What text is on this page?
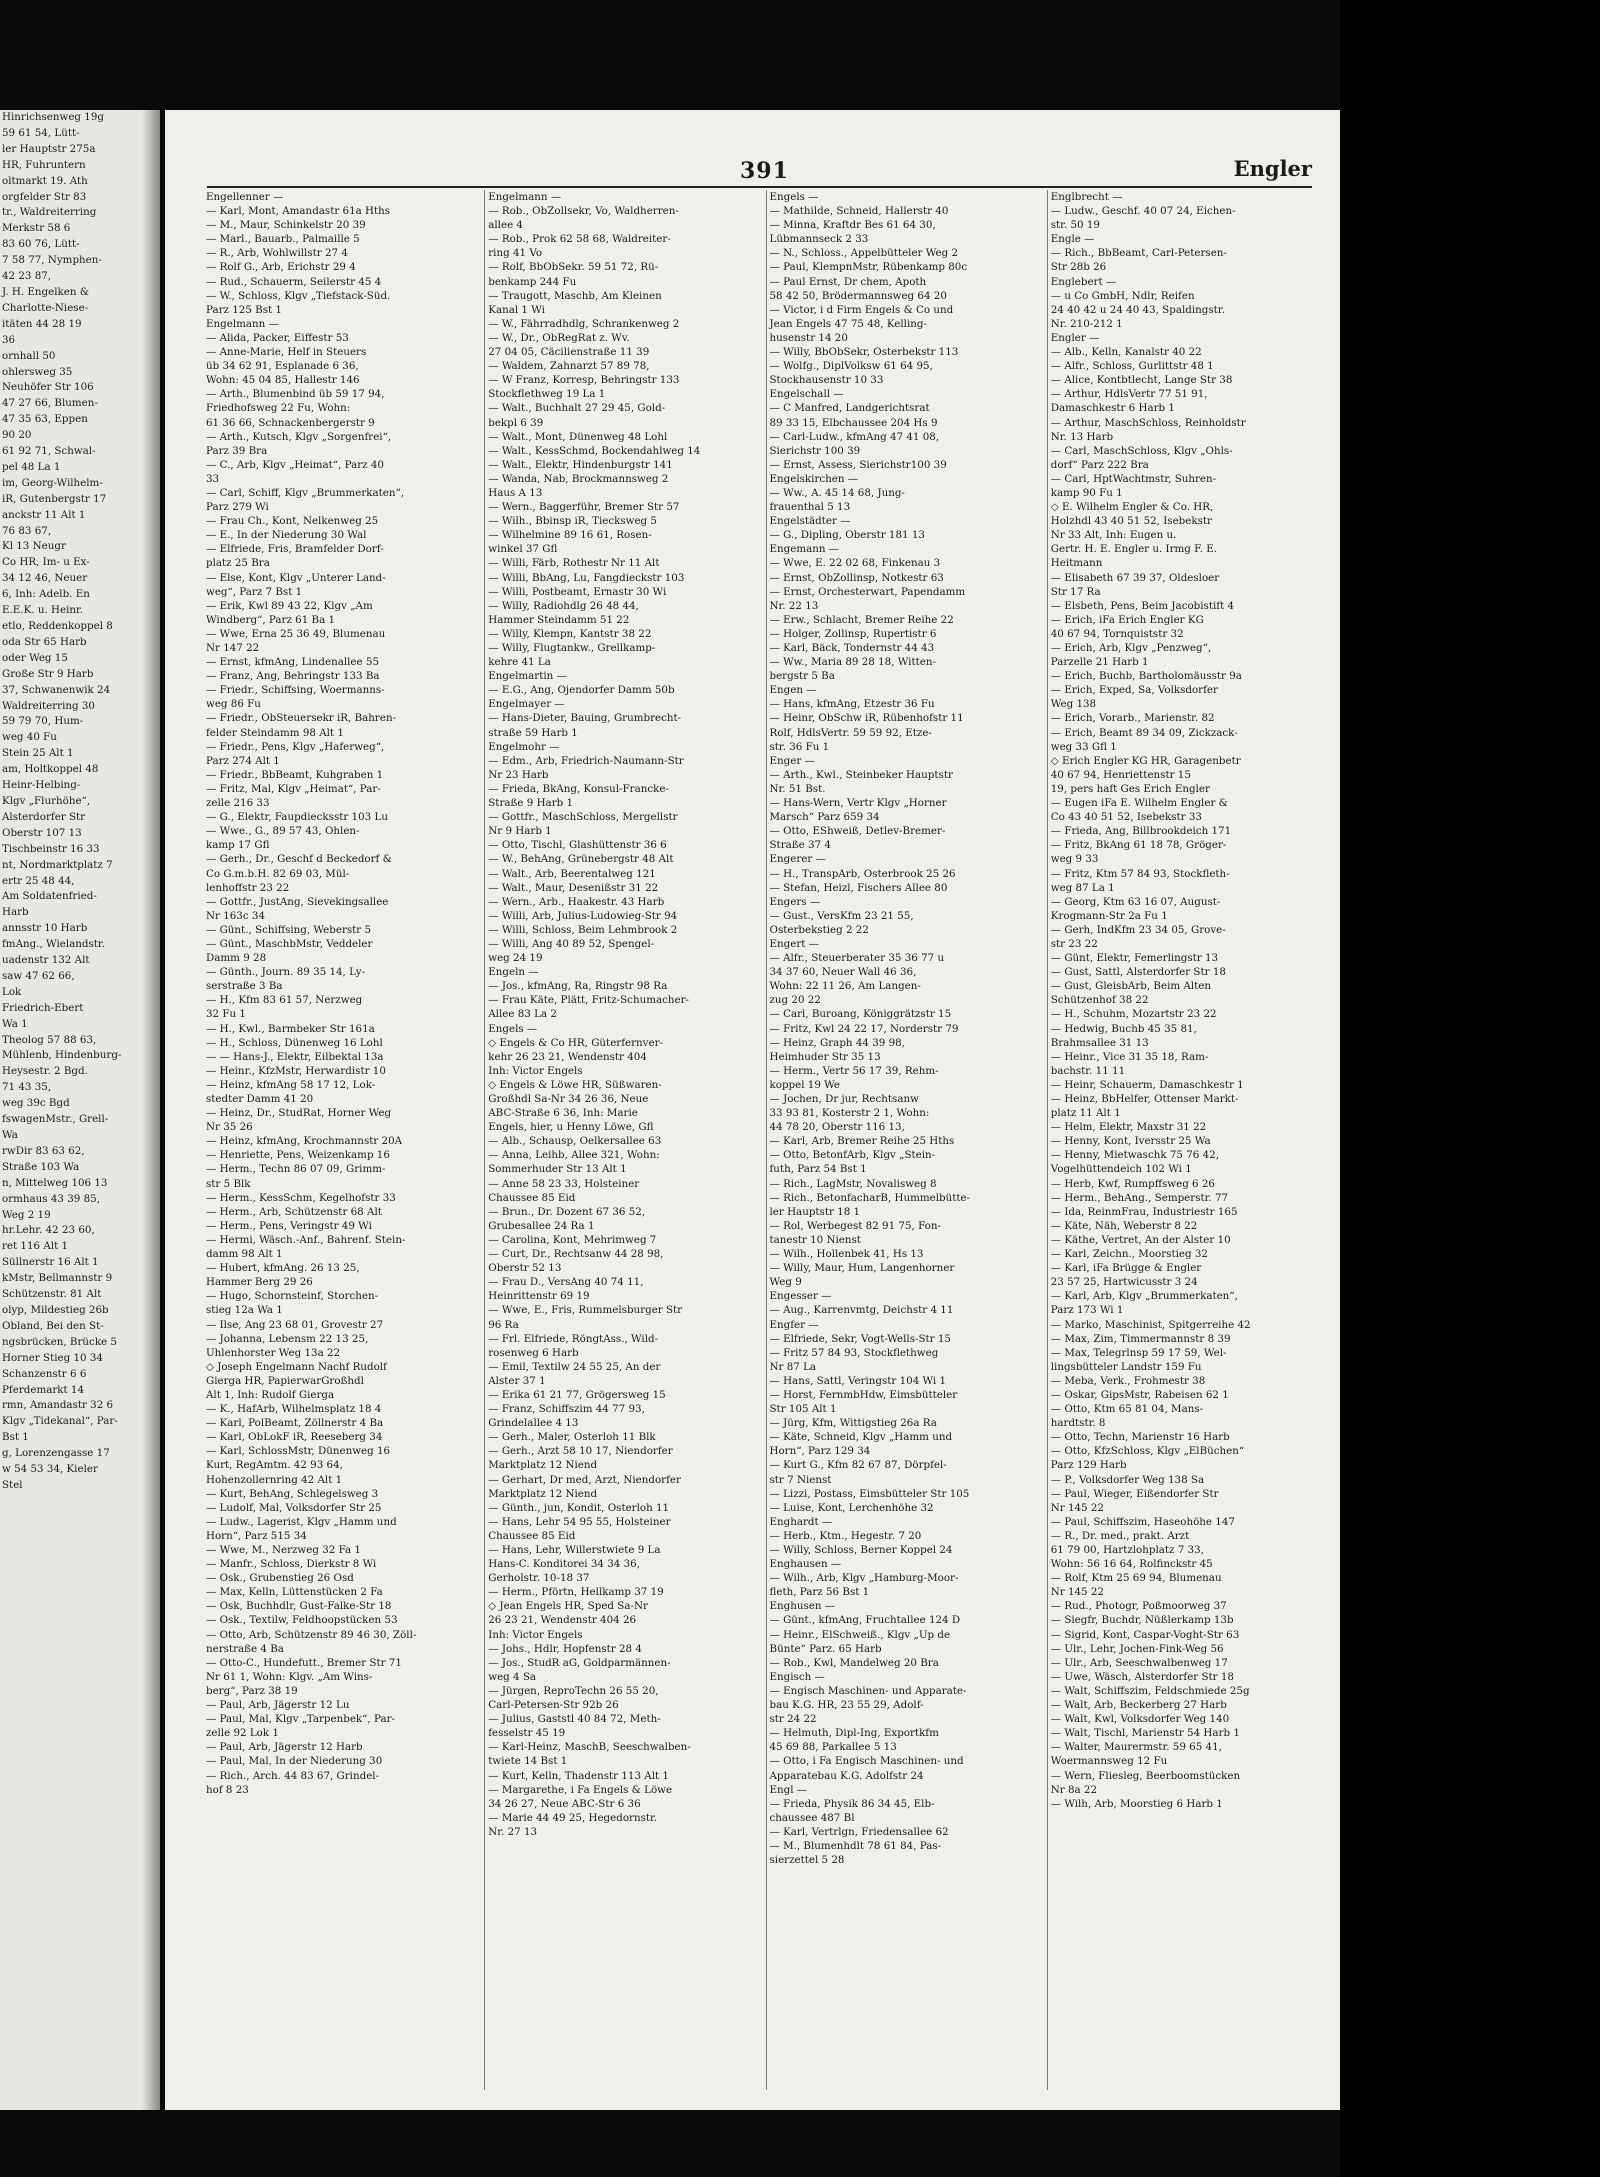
Hinrichsenweg 19g
59 61 54, Lütt-
ler Hauptstr 275a
HR, Fuhruntern
oltmarkt 19. Ath
orgfelder Str 83
tr., Waldreiterring
Merkstr 58 6
83 60 76, Lütt-
7 58 77, Nymphen-
42 23 87,
J. H. Engelken &
Charlotte-Niese-
itäten 44 28 19
36
ornhall 50
ohlersweg 35
Neuhöfer Str 106
47 27 66, Blumen-
47 35 63, Eppen
90 20
61 92 71, Schwal-
pel 48 La 1
im, Georg-Wilhelm-
iR, Gutenbergstr 17
anckstr 11 Alt 1
76 83 67,
Kl 13 Neugr
Co HR, Im- u Ex-
34 12 46, Neuer
6, Inh: Adelb. En
E.E.K. u. Heinr.
etlo, Reddenkoppel 8
oda Str 65 Harb
oder Weg 15
Große Str 9 Harb
37, Schwanenwik 24
Waldreiterring 30
59 79 70, Hum-
weg 40 Fu
Stein 25 Alt 1
am, Holtkoppel 48
Heinr-Helbing-
Klgv „Flurhöhe“,
Alsterdorfer Str
Oberstr 107 13
Tischbeinstr 16 33
nt, Nordmarktplatz 7
ertr 25 48 44,
Am Soldatenfried-
Harb
annsstr 10 Harb
fmAng., Wielandstr.
uadenstr 132 Alt
saw 47 62 66,
Lok
Friedrich-Ebert
Wa 1
Theolog 57 88 63,
Mühlenb, Hindenburg-
Heysestr. 2 Bgd.
71 43 35,
weg 39c Bgd
fswagenMstr., Grell-
Wa
rwDir 83 63 62,
Straße 103 Wa
n, Mittelweg 106 13
ormhaus 43 39 85,
Weg 2 19
hr.Lehr. 42 23 60,
ret 116 Alt 1
Süllnerstr 16 Alt 1
kMstr, Bellmannstr 9
Schützenstr. 81 Alt
olyp, Mildestieg 26b
Obland, Bei den St-
ngsbrücken, Brücke 5
Horner Stieg 10 34
Schanzenstr 6 6
Pferdemarkt 14
rmn, Amandastr 32 6
Klgv „Tidekanal“, Par-
Bst 1
g, Lorenzengasse 17
w 54 53 34, Kieler
Stel
391	Engler
Engellenner —
— Karl, Mont, Amandastr 61a Hths
— M., Maur, Schinkelstr 20 39
— Marl., Bauarb., Palmaille 5
— R., Arb, Wohlwillstr 27 4
— Rolf G., Arb, Erichstr 29 4
— Rud., Schauerm, Seilerstr 45 4
— W., Schloss, Klgv „Tiefstack-Süd.
Parz 125 Bst 1
Engelmann —
— Alida, Packer, Eiffestr 53
— Anne-Marie, Helf in Steuers
üb 34 62 91, Esplanade 6 36,
Wohn: 45 04 85, Hallestr 146
— Arth., Blumenbind üb 59 17 94,
Friedhofsweg 22 Fu, Wohn:
61 36 66, Schnackenbergerstr 9
— Arth., Kutsch, Klgv „Sorgenfrei“,
Parz 39 Bra
— C., Arb, Klgv „Heimat“, Parz 40
33
— Carl, Schiff, Klgv „Brummerkaten“,
Parz 279 Wi
— Frau Ch., Kont, Nelkenweg 25
— E., In der Niederung 30 Wal
— Elfriede, Fris, Bramfelder Dorf-
platz 25 Bra
— Else, Kont, Klgv „Unterer Land-
weg“, Parz 7 Bst 1
— Erik, Kwl 89 43 22, Klgv „Am
Windberg“, Parz 61 Ba 1
— Wwe, Erna 25 36 49, Blumenau
Nr 147 22
— Ernst, kfmAng, Lindenallee 55
— Franz, Ang, Behringstr 133 Ba
— Friedr., Schiffsing, Woermanns-
weg 86 Fu
— Friedr., ObSteuersekr iR, Bahren-
felder Steindamm 98 Alt 1
— Friedr., Pens, Klgv „Haferweg“,
Parz 274 Alt 1
— Friedr., BbBeamt, Kuhgraben 1
— Fritz, Mal, Klgv „Heimat“, Par-
zelle 216 33
— G., Elektr, Faupdiecksstr 103 Lu
— Wwe., G., 89 57 43, Ohlen-
kamp 17 Gfl
— Gerh., Dr., Geschf d Beckedorf &
Co G.m.b.H. 82 69 03, Mül-
lenhoffstr 23 22
— Gottfr., JustAng, Sievekingsallee
Nr 163c 34
— Günt., Schiffsing, Weberstr 5
— Günt., MaschbMstr, Veddeler
Damm 9 28
— Günth., Journ. 89 35 14, Ly-
serstraße 3 Ba
— H., Kfm 83 61 57, Nerzweg
32 Fu 1
— H., Kwl., Barmbeker Str 161a
— H., Schloss, Dünenweg 16 Lohl
— — Hans-J., Elektr, Eilbektal 13a
— Heinr., KfzMstr, Herwardistr 10
— Heinz, kfmAng 58 17 12, Lok-
stedter Damm 41 20
— Heinz, Dr., StudRat, Horner Weg
Nr 35 26
— Heinz, kfmAng, Krochmannstr 20A
— Henriette, Pens, Weizenkamp 16
— Herm., Techn 86 07 09, Grimm-
str 5 Blk
— Herm., KessSchm, Kegelhofstr 33
— Herm., Arb, Schützenstr 68 Alt
— Herm., Pens, Veringstr 49 Wi
— Hermi, Wäsch.-Anf., Bahrenf. Stein-
damm 98 Alt 1
— Hubert, kfmAng. 26 13 25,
Hammer Berg 29 26
— Hugo, Schornsteinf, Storchen-
stieg 12a Wa 1
— Ilse, Ang 23 68 01, Grovestr 27
— Johanna, Lebensm 22 13 25,
Uhlenhorster Weg 13a 22
◇ Joseph Engelmann Nachf Rudolf
Gierga HR, PapierwarGroßhdl
Alt 1, Inh: Rudolf Gierga
— K., HafArb, Wilhelmsplatz 18 4
— Karl, PolBeamt, Zöllnerstr 4 Ba
— Karl, ObLokF iR, Reeseberg 34
— Karl, SchlossMstr, Dünenweg 16
Kurt, RegAmtm. 42 93 64,
Hohenzollernring 42 Alt 1
— Kurt, BehAng, Schlegelsweg 3
— Ludolf, Mal, Volksdorfer Str 25
— Ludw., Lagerist, Klgv „Hamm und
Horn“, Parz 515 34
— Wwe, M., Nerzweg 32 Fa 1
— Manfr., Schloss, Dierkstr 8 Wi
— Osk., Grubenstieg 26 Osd
— Max, Kelln, Lüttenstücken 2 Fa
— Osk, Buchhdlr, Gust-Falke-Str 18
— Osk., Textilw, Feldhoopstücken 53
— Otto, Arb, Schützenstr 89 46 30, Zöll-
nerstraße 4 Ba
— Otto-C., Hundefutt., Bremer Str 71
Nr 61 1, Wohn: Klgv. „Am Wins-
berg“, Parz 38 19
— Paul, Arb, Jägerstr 12 Lu
— Paul, Mal, Klgv „Tarpenbek“, Par-
zelle 92 Lok 1
— Paul, Arb, Jägerstr 12 Harb
— Paul, Mal, In der Niederung 30
— Rich., Arch. 44 83 67, Grindel-
hof 8 23
Engelmann —
— Rob., ObZollsekr, Vo, Waldherren-
allee 4
— Rob., Prok 62 58 68, Waldreiter-
ring 41 Vo
— Rolf, BbObSekr. 59 51 72, Rü-
benkamp 244 Fu
— Traugott, Maschb, Am Kleinen
Kanal 1 Wi
— W., Fährradhdlg, Schrankenweg 2
— W., Dr., ObRegRat z. Wv.
27 04 05, Cäcilienstraße 11 39
— Waldem, Zahnarzt 57 89 78,
— W Franz, Korresp, Behringstr 133
Stockflethweg 19 La 1
— Walt., Buchhalt 27 29 45, Gold-
bekpl 6 39
— Walt., Mont, Dünenweg 48 Lohl
— Walt., KessSchmd, Bockendahlweg 14
— Walt., Elektr, Hindenburgstr 141
— Wanda, Nab, Brockmannsweg 2
Haus A 13
— Wern., Baggerführ, Bremer Str 57
— Wilh., Bbinsp iR, Tiecksweg 5
— Wilhelmine 89 16 61, Rosen-
winkel 37 Gfl
— Willi, Färb, Rothestr Nr 11 Alt
— Willi, BbAng, Lu, Fangdieckstr 103
— Willi, Postbeamt, Ernastr 30 Wi
— Willy, Radiohdlg 26 48 44,
Hammer Steindamm 51 22
— Willy, Klempn, Kantstr 38 22
— Willy, Flugtankw., Grellkamp-
kehre 41 La
Engelmartin —
— E.G., Ang, Ojendorfer Damm 50b
Engelmayer —
— Hans-Dieter, Bauing, Grumbrecht-
straße 59 Harb 1
Engelmohr —
— Edm., Arb, Friedrich-Naumann-Str
Nr 23 Harb
— Frieda, BkAng, Konsul-Francke-
Straße 9 Harb 1
— Gottfr., MaschSchloss, Mergellstr
Nr 9 Harb 1
— Otto, Tischl, Glashüttenstr 36 6
— W., BehAng, Grünebergstr 48 Alt
— Walt., Arb, Beerentalweg 121
— Walt., Maur, Desenißstr 31 22
— Wern., Arb., Haakestr. 43 Harb
— Willi, Arb, Julius-Ludowieg-Str 94
— Willi, Schloss, Beim Lehmbrook 2
— Willi, Ang 40 89 52, Spengel-
weg 24 19
Engeln —
— Jos., kfmAng, Ra, Ringstr 98 Ra
— Frau Käte, Plätt, Fritz-Schumacher-
Allee 83 La 2
Engels —
◇ Engels & Co HR, Güterfernver-
kehr 26 23 21, Wendenstr 404
Inh: Victor Engels
◇ Engels & Löwe HR, Süßwaren-
Großhdl Sa-Nr 34 26 36, Neue
ABC-Straße 6 36, Inh: Marie
Engels, hier, u Henny Löwe, Gfl
— Alb., Schausp, Oelkersallee 63
— Anna, Leihb, Allee 321, Wohn:
Sommerhuder Str 13 Alt 1
— Anne 58 23 33, Holsteiner
Chaussee 85 Eid
— Brun., Dr. Dozent 67 36 52,
Grubesallee 24 Ra 1
— Carolina, Kont, Mehrimweg 7
— Curt, Dr., Rechtsanw 44 28 98,
Oberstr 52 13
— Frau D., VersAng 40 74 11,
Heinrittenstr 69 19
— Wwe, E., Fris, Rummelsburger Str
96 Ra
— Frl. Elfriede, RöngtAss., Wild-
rosenweg 6 Harb
— Emil, Textilw 24 55 25, An der
Alster 37 1
— Erika 61 21 77, Grögersweg 15
— Franz, Schiffszim 44 77 93,
Grindelallee 4 13
— Gerh., Maler, Osterloh 11 Blk
— Gerh., Arzt 58 10 17, Niendorfer
Marktplatz 12 Niend
— Gerhart, Dr med, Arzt, Niendorfer
Marktplatz 12 Niend
— Günth., jun, Kondit, Osterloh 11
— Hans, Lehr 54 95 55, Holsteiner
Chaussee 85 Eid
— Hans, Lehr, Willerstwiete 9 La
Hans-C. Konditorei 34 34 36,
Gerholstr. 10-18 37
— Herm., Pförtn, Hellkamp 37 19
◇ Jean Engels HR, Sped Sa-Nr
26 23 21, Wendenstr 404 26
Inh: Victor Engels
— Johs., Hdlr, Hopfenstr 28 4
— Jos., StudR aG, Goldparmännen-
weg 4 Sa
— Jürgen, ReproTechn 26 55 20,
Carl-Petersen-Str 92b 26
— Julius, Gaststl 40 84 72, Meth-
fesselstr 45 19
— Karl-Heinz, MaschB, Seeschwalben-
twiete 14 Bst 1
— Kurt, Kelln, Thadenstr 113 Alt 1
— Margarethe, i Fa Engels & Löwe
34 26 27, Neue ABC-Str 6 36
— Marie 44 49 25, Hegedornstr.
Nr. 27 13
Engels —
— Mathilde, Schneid, Hallerstr 40
— Minna, Kraftdr Bes 61 64 30,
Lübmannseck 2 33
— N., Schloss., Appelbütteler Weg 2
— Paul, KlempnMstr, Rübenkamp 80c
— Paul Ernst, Dr chem, Apoth
58 42 50, Brödermannsweg 64 20
— Victor, i d Firm Engels & Co und
Jean Engels 47 75 48, Kelling-
husenstr 14 20
— Willy, BbObSekr, Osterbekstr 113
— Wolfg., DiplVolksw 61 64 95,
Stockhausenstr 10 33
Engelschall —
— C Manfred, Landgerichtsrat
89 33 15, Elbchaussee 204 Hs 9
— Carl-Ludw., kfmAng 47 41 08,
Sierichstr 100 39
— Ernst, Assess, Sierichstr100 39
Engelskirchen —
— Ww., A. 45 14 68, Jung-
frauenthal 5 13
Engelstädter —
— G., Dipling, Oberstr 181 13
Engemann —
— Wwe, E. 22 02 68, Finkenau 3
— Ernst, ObZollinsp, Notkestr 63
— Ernst, Orchesterwart, Papendamm
Nr. 22 13
— Erw., Schlacht, Bremer Reihe 22
— Holger, Zollinsp, Rupertistr 6
— Karl, Bäck, Tondernstr 44 43
— Ww., Maria 89 28 18, Witten-
bergstr 5 Ba
Engen —
— Hans, kfmAng, Etzestr 36 Fu
— Heinr, ObSchw iR, Rübenhofstr 11
Rolf, HdlsVertr. 59 59 92, Etze-
str. 36 Fu 1
Enger —
— Arth., Kwl., Steinbeker Hauptstr
Nr. 51 Bst.
— Hans-Wern, Vertr Klgv „Horner
Marsch“ Parz 659 34
— Otto, EShweiß, Detlev-Bremer-
Straße 37 4
Engerer —
— H., TranspArb, Osterbrook 25 26
— Stefan, Heizl, Fischers Allee 80
Engers —
— Gust., VersKfm 23 21 55,
Osterbekstieg 2 22
Engert —
— Alfr., Steuerberater 35 36 77 u
34 37 60, Neuer Wall 46 36,
Wohn: 22 11 26, Am Langen-
zug 20 22
— Carl, Buroang, Königgrätzstr 15
— Fritz, Kwl 24 22 17, Norderstr 79
— Heinz, Graph 44 39 98,
Heimhuder Str 35 13
— Herm., Vertr 56 17 39, Rehm-
koppel 19 We
— Jochen, Dr jur, Rechtsanw
33 93 81, Kosterstr 2 1, Wohn:
44 78 20, Oberstr 116 13,
— Karl, Arb, Bremer Reihe 25 Hths
— Otto, BetonfArb, Klgv „Stein-
futh, Parz 54 Bst 1
— Rich., LagMstr, Novalisweg 8
— Rich., BetonfacharB, Hummelbütte-
ler Hauptstr 18 1
— Rol, Werbegest 82 91 75, Fon-
tanestr 10 Nienst
— Wilh., Hollenbek 41, Hs 13
— Willy, Maur, Hum, Langenhorner
Weg 9
Engesser —
— Aug., Karrenvmtg, Deichstr 4 11
Engfer —
— Elfriede, Sekr, Vogt-Wells-Str 15
— Fritz 57 84 93, Stockflethweg
Nr 87 La
— Hans, Sattl, Veringstr 104 Wi 1
— Horst, FernmbHdw, Eimsbütteler
Str 105 Alt 1
— Jürg, Kfm, Wittigstieg 26a Ra
— Käte, Schneid, Klgv „Hamm und
Horn“, Parz 129 34
— Kurt G., Kfm 82 67 87, Dörpfel-
str 7 Nienst
— Lizzi, Postass, Eimsbütteler Str 105
— Luise, Kont, Lerchenhöhe 32
Enghardt —
— Herb., Ktm., Hegestr. 7 20
— Willy, Schloss, Berner Koppel 24
Enghausen —
— Wilh., Arb, Klgv „Hamburg-Moor-
fleth, Parz 56 Bst 1
Enghusen —
— Günt., kfmAng, Fruchtallee 124 D
— Heinr., ElSchweiß., Klgv „Up de
Bünte“ Parz. 65 Harb
— Rob., Kwl, Mandelweg 20 Bra
Engisch —
— Engisch Maschinen- und Apparate-
bau K.G. HR, 23 55 29, Adolf-
str 24 22
— Helmuth, Dipl-Ing, Exportkfm
45 69 88, Parkallee 5 13
— Otto, i Fa Engisch Maschinen- und
Apparatebau K.G. Adolfstr 24
Engl —
— Frieda, Physik 86 34 45, Elb-
chaussee 487 Bl
— Karl, Vertrlgn, Friedensallee 62
— M., Blumenhdlt 78 61 84, Pas-
sierzettel 5 28
Englbrecht —
— Ludw., Geschf. 40 07 24, Eichen-
str. 50 19
Engle —
— Rich., BbBeamt, Carl-Petersen-
Str 28b 26
Englebert —
— u Co GmbH, Ndlr, Reifen
24 40 42 u 24 40 43, Spaldingstr.
Nr. 210-212 1
Engler —
— Alb., Kelln, Kanalstr 40 22
— Alfr., Schloss, Gurlittstr 48 1
— Alice, Kontbtlecht, Lange Str 38
— Arthur, HdlsVertr 77 51 91,
Damaschkestr 6 Harb 1
— Arthur, MaschSchloss, Reinholdstr
Nr. 13 Harb
— Carl, MaschSchloss, Klgv „Ohls-
dorf“ Parz 222 Bra
— Carl, HptWachtmstr, Suhren-
kamp 90 Fu 1
◇ E. Wilhelm Engler & Co. HR,
Holzhdl 43 40 51 52, Isebekstr
Nr 33 Alt, Inh: Eugen u.
Gertr. H. E. Engler u. Irmg F. E.
Heitmann
— Elisabeth 67 39 37, Oldesloer
Str 17 Ra
— Elsbeth, Pens, Beim Jacobistift 4
— Erich, iFa Erich Engler KG
40 67 94, Tornquiststr 32
— Erich, Arb, Klgv „Penzweg“,
Parzelle 21 Harb 1
— Erich, Buchb, Bartholomäusstr 9a
— Erich, Exped, Sa, Volksdorfer
Weg 138
— Erich, Vorarb., Marienstr. 82
— Erich, Beamt 89 34 09, Zickzack-
weg 33 Gfl 1
◇ Erich Engler KG HR, Garagenbetr
40 67 94, Henriettenstr 15
19, pers haft Ges Erich Engler
— Eugen iFa E. Wilhelm Engler &
Co 43 40 51 52, Isebekstr 33
— Frieda, Ang, Billbrookdeich 171
— Fritz, BkAng 61 18 78, Gröger-
weg 9 33
— Fritz, Ktm 57 84 93, Stockfleth-
weg 87 La 1
— Georg, Ktm 63 16 07, August-
Krogmann-Str 2a Fu 1
— Gerh, IndKfm 23 34 05, Grove-
str 23 22
— Günt, Elektr, Femerlingstr 13
— Gust, Sattl, Alsterdorfer Str 18
— Gust, GleisbArb, Beim Alten
Schützenhof 38 22
— H., Schuhm, Mozartstr 23 22
— Hedwig, Buchb 45 35 81,
Brahmsallee 31 13
— Heinr., Vice 31 35 18, Ram-
bachstr. 11 11
— Heinr, Schauerm, Damaschkestr 1
— Heinz, BbHelfer, Ottenser Markt-
platz 11 Alt 1
— Helm, Elektr, Maxstr 31 22
— Henny, Kont, Iversstr 25 Wa
— Henny, Mietwaschk 75 76 42,
Vogelhüttendeich 102 Wi 1
— Herb, Kwf, Rumpffsweg 6 26
— Herm., BehAng., Semperstr. 77
— Ida, ReinmFrau, Industriestr 165
— Käte, Näh, Weberstr 8 22
— Käthe, Vertret, An der Alster 10
— Karl, Zeichn., Moorstieg 32
— Karl, iFa Brügge & Engler
23 57 25, Hartwicusstr 3 24
— Karl, Arb, Klgv „Brummerkaten“,
Parz 173 Wi 1
— Marko, Maschinist, Spitgerreihe 42
— Max, Zim, Timmermannstr 8 39
— Max, Telegrlnsp 59 17 59, Wel-
lingsbütteler Landstr 159 Fu
— Meba, Verk., Frohmestr 38
— Oskar, GipsMstr, Rabeisen 62 1
— Otto, Ktm 65 81 04, Mans-
hardtstr. 8
— Otto, Techn, Marienstr 16 Harb
— Otto, KfzSchloss, Klgv „ElBüchen“
Parz 129 Harb
— P., Volksdorfer Weg 138 Sa
— Paul, Wieger, Eißendorfer Str
Nr 145 22
— Paul, Schiffszim, Haseohöhe 147
— R., Dr. med., prakt. Arzt
61 79 00, Hartzlohplatz 7 33,
Wohn: 56 16 64, Rolfinckstr 45
— Rolf, Ktm 25 69 94, Blumenau
Nr 145 22
— Rud., Photogr, Poßmoorweg 37
— Siegfr, Buchdr, Nüßlerkamp 13b
— Sigrid, Kont, Caspar-Voght-Str 63
— Ulr., Lehr, Jochen-Fink-Weg 56
— Ulr., Arb, Seeschwalbenweg 17
— Uwe, Wäsch, Alsterdorfer Str 18
— Walt, Schiffszim, Feldschmiede 25g
— Walt, Arb, Beckerberg 27 Harb
— Walt, Kwl, Volksdorfer Weg 140
— Walt, Tischl, Marienstr 54 Harb 1
— Walter, Maurermstr. 59 65 41,
Woermannsweg 12 Fu
— Wern, Fliesleg, Beerboomstücken
Nr 8a 22
— Wilh, Arb, Moorstieg 6 Harb 1
